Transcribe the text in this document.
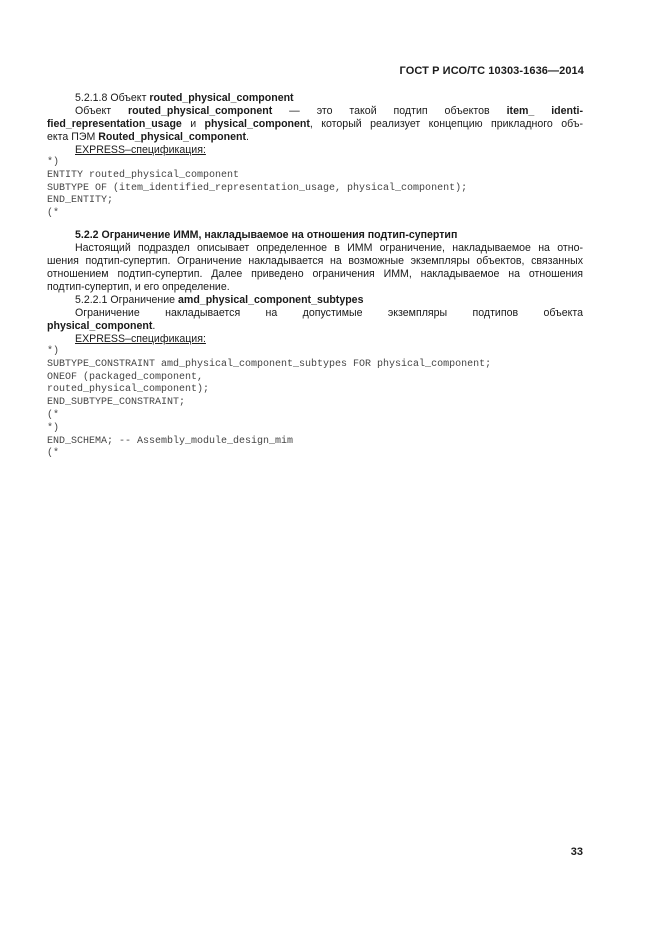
ГОСТ Р ИСО/ТС 10303-1636—2014

5.2.1.8 Объект routed_physical_component

Объект routed_physical_component — это такой подтип объектов item_ identi-

fied_representation_usage и physical_component, который реализует концепцию прикладного объ-

екта ПЭМ Routed_physical_component.

EXPRESS–спецификация:

*)
ENTITY routed_physical_component
SUBTYPE OF (item_identified_representation_usage, physical_component);
END_ENTITY;
(*

5.2.2 Ограничение ИММ, накладываемое на отношения подтип-супертип

Настоящий подраздел описывает определенное в ИММ ограничение, накладываемое на отно-

шения подтип-супертип. Ограничение накладывается на возможные экземпляры объектов, связанных

отношением подтип-супертип. Далее приведено ограничения ИММ, накладываемое на отношения

подтип-супертип, и его определение.

5.2.2.1 Ограничение amd_physical_component_subtypes

Ограничение накладывается на допустимые экземпляры подтипов объекта

physical_component.

EXPRESS–спецификация:

*)
SUBTYPE_CONSTRAINT amd_physical_component_subtypes FOR physical_component;
ONEOF (packaged_component,
routed_physical_component);
END_SUBTYPE_CONSTRAINT;
(*
*)
END_SCHEMA; -- Assembly_module_design_mim
(*
33
